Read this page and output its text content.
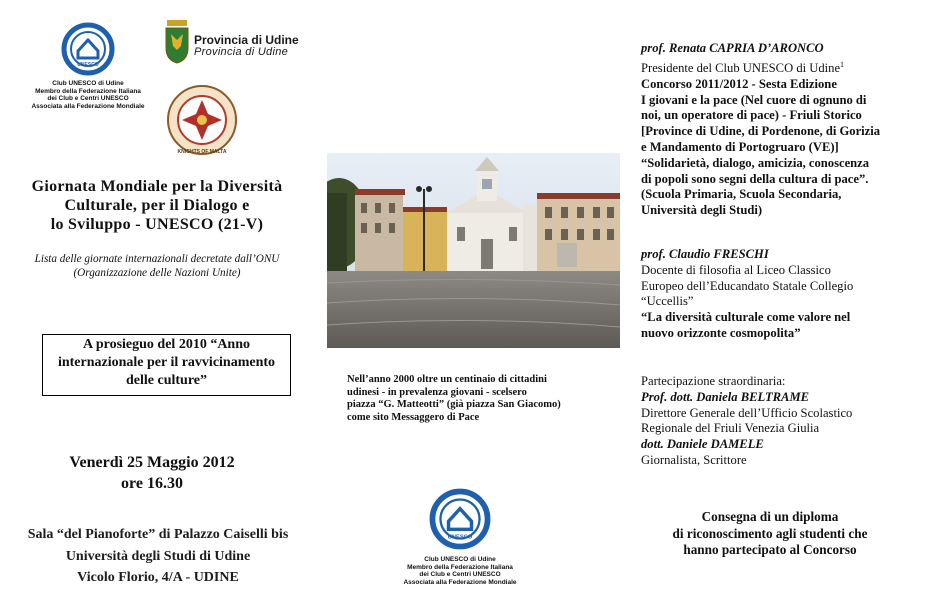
UNESCO
Club UNESCO di Udine
Membro della Federazione Italiana
dei Club e Centri UNESCO
Associata alla Federazione Mondiale
Provincia di Udine
Provincia di Udine
KNIGHTS OF MALTA
Giornata Mondiale per la Diversità
Culturale, per il Dialogo e
lo Sviluppo - UNESCO (21-V)
Lista delle giornate internazionali decretate dall’ONU
(Organizzazione delle Nazioni Unite)
A prosieguo del 2010 “Anno
internazionale per il ravvicinamento
delle culture”
Venerdì 25 Maggio 2012
ore 16.30
Sala “del Pianoforte” di Palazzo Caiselli bis
Università degli Studi di Udine
Vicolo Florio, 4/A - UDINE
Nell’anno 2000 oltre un centinaio di cittadini
udinesi - in prevalenza giovani - scelsero
piazza “G. Matteotti” (già piazza San Giacomo)
come sito Messaggero di Pace
UNESCO
Club UNESCO di Udine
Membro della Federazione Italiana
dei Club e Centri UNESCO
Associata alla Federazione Mondiale
prof. Renata CAPRIA D’ARONCO
Presidente del Club UNESCO di Udine$^1$
Concorso 2011/2012 - Sesta Edizione
I giovani e la pace (Nel cuore di ognuno di
noi, un operatore di pace) - Friuli Storico
[Province di Udine, di Pordenone, di Gorizia
e Mandamento di Portogruaro (VE)]
“Solidarietà, dialogo, amicizia, conoscenza
di popoli sono segni della cultura di pace”.
(Scuola Primaria, Scuola Secondaria,
Università degli Studi)
prof. Claudio FRESCHI
Docente di filosofia al Liceo Classico
Europeo dell’Educandato Statale Collegio
“Uccellis”
“La diversità culturale come valore nel
nuovo orizzonte cosmopolita”
Partecipazione straordinaria:
Prof. dott. Daniela BELTRAME
Direttore Generale dell’Ufficio Scolastico
Regionale del Friuli Venezia Giulia
dott. Daniele DAMELE
Giornalista, Scrittore
Consegna di un diploma
di riconoscimento agli studenti che
hanno partecipato al Concorso
